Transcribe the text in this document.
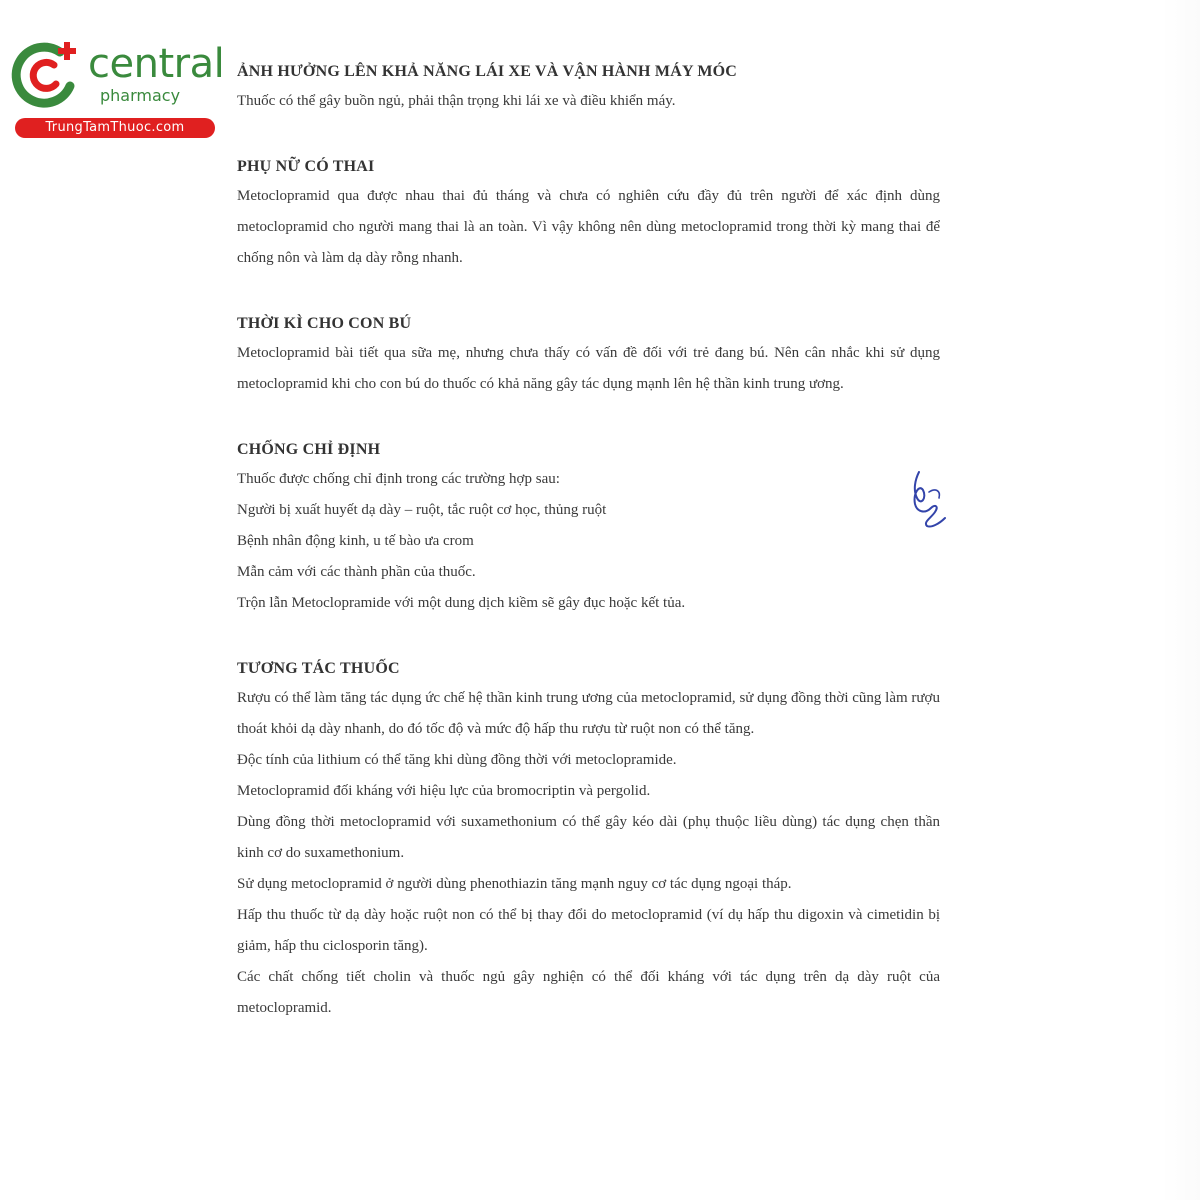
central
pharmacy
TrungTamThuoc.com

ẢNH HƯỞNG LÊN KHẢ NĂNG LÁI XE VÀ VẬN HÀNH MÁY MÓC

Thuốc có thể gây buồn ngủ, phải thận trọng khi lái xe và điều khiển máy.

PHỤ NỮ CÓ THAI

Metoclopramid qua được nhau thai đủ tháng và chưa có nghiên cứu đầy đủ trên người để xác định dùng metoclopramid cho người mang thai là an toàn. Vì vậy không nên dùng metoclopramid trong thời kỳ mang thai để chống nôn và làm dạ dày rỗng nhanh.

THỜI KÌ CHO CON BÚ

Metoclopramid bài tiết qua sữa mẹ, nhưng chưa thấy có vấn đề đối với trẻ đang bú. Nên cân nhắc khi sử dụng metoclopramid khi cho con bú do thuốc có khả năng gây tác dụng mạnh lên hệ thần kinh trung ương.

CHỐNG CHỈ ĐỊNH

Thuốc được chống chỉ định trong các trường hợp sau:

Người bị xuất huyết dạ dày – ruột, tắc ruột cơ học, thủng ruột

Bệnh nhân động kinh, u tế bào ưa crom

Mẫn cảm với các thành phần của thuốc.

Trộn lẫn Metoclopramide với một dung dịch kiềm sẽ gây đục hoặc kết tủa.

TƯƠNG TÁC THUỐC

Rượu có thể làm tăng tác dụng ức chế hệ thần kinh trung ương của metoclopramid, sử dụng đồng thời cũng làm rượu thoát khỏi dạ dày nhanh, do đó tốc độ và mức độ hấp thu rượu từ ruột non có thể tăng.

Độc tính của lithium có thể tăng khi dùng đồng thời với metoclopramide.

Metoclopramid đối kháng với hiệu lực của bromocriptin và pergolid.

Dùng đồng thời metoclopramid với suxamethonium có thể gây kéo dài (phụ thuộc liều dùng) tác dụng chẹn thần kinh cơ do suxamethonium.

Sử dụng metoclopramid ở người dùng phenothiazin tăng mạnh nguy cơ tác dụng ngoại tháp.

Hấp thu thuốc từ dạ dày hoặc ruột non có thể bị thay đổi do metoclopramid (ví dụ hấp thu digoxin và cimetidin bị giảm, hấp thu ciclosporin tăng).

Các chất chống tiết cholin và thuốc ngủ gây nghiện có thể đối kháng với tác dụng trên dạ dày ruột của metoclopramid.
